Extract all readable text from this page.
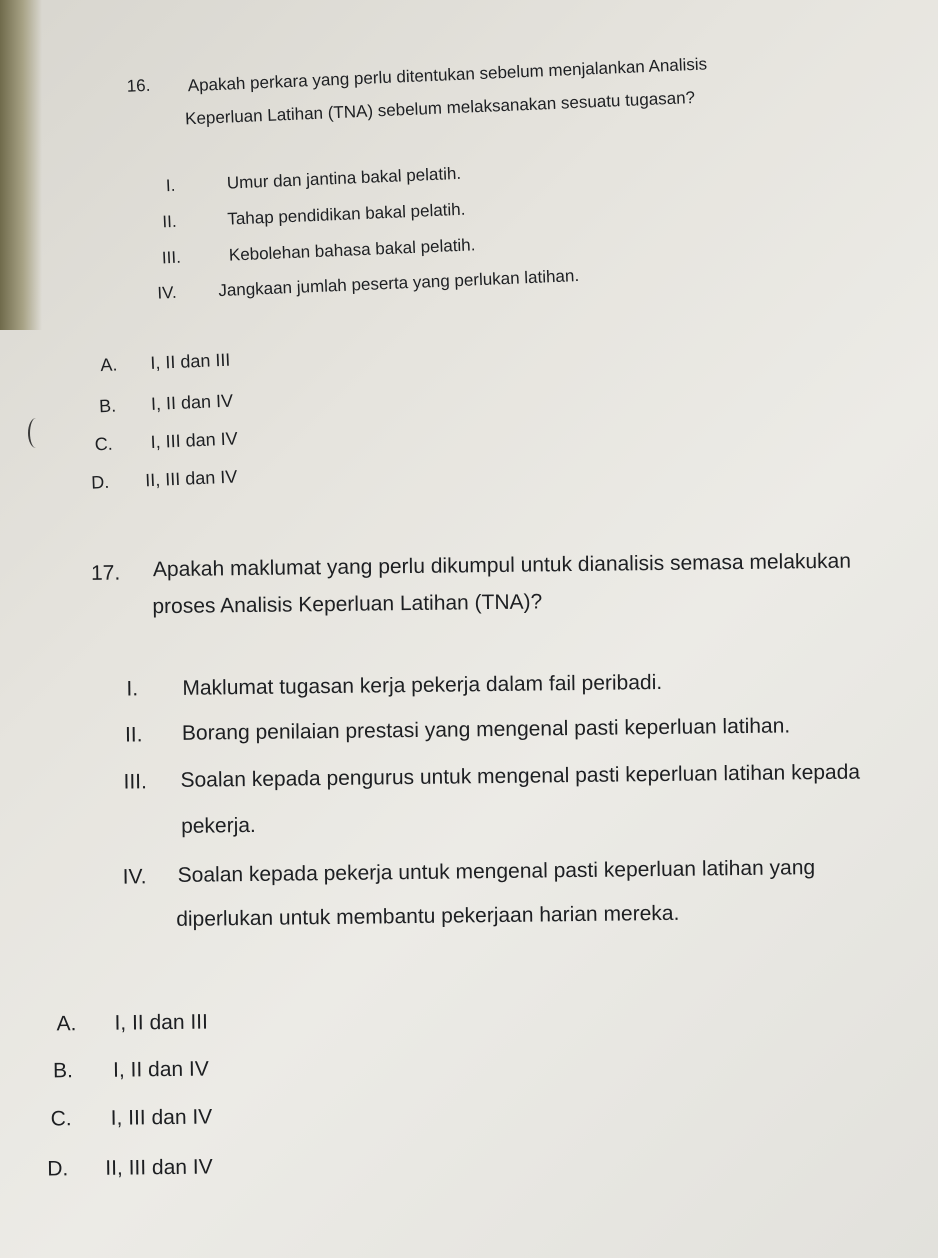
16. Apakah perkara yang perlu ditentukan sebelum menjalankan Analisis
Keperluan Latihan (TNA) sebelum melaksanakan sesuatu tugasan?
I.	Umur dan jantina bakal pelatih.
II.	Tahap pendidikan bakal pelatih.
III.	Kebolehan bahasa bakal pelatih.
IV. Jangkaan jumlah peserta yang perlukan latihan.
A. I, II dan III
B. I, II dan IV
C. I, III dan IV
D. II, III dan IV
17. Apakah maklumat yang perlu dikumpul untuk dianalisis semasa melakukan
proses Analisis Keperluan Latihan (TNA)?
I. Maklumat tugasan kerja pekerja dalam fail peribadi.
II. Borang penilaian prestasi yang mengenal pasti keperluan latihan.
III. Soalan kepada pengurus untuk mengenal pasti keperluan latihan kepada
pekerja.
IV. Soalan kepada pekerja untuk mengenal pasti keperluan latihan yang
diperlukan untuk membantu pekerjaan harian mereka.
A. I, II dan III
B. I, II dan IV
C. I, III dan IV
D. II, III dan IV
